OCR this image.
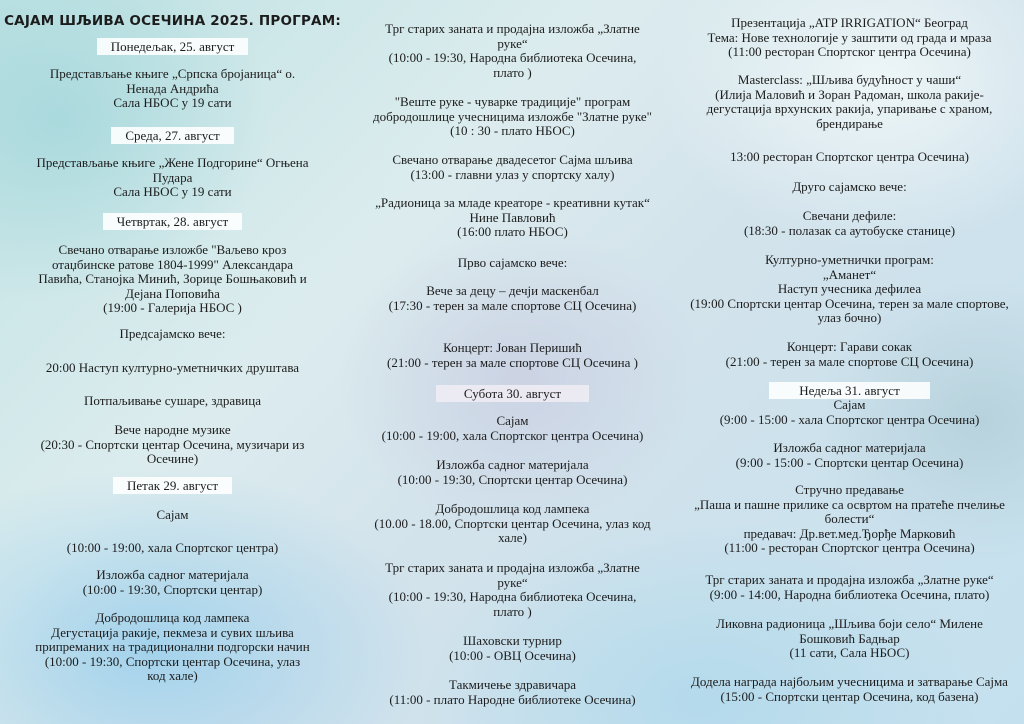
САЈАМ ШЉИВА ОСЕЧИНА 2025. ПРОГРАМ:

Понедељак, 25. август

Представљање књиге „Српска бројаница“ о.

Ненада Андрића

Сала НБОС у 19 сати

Среда, 27. август

Представљање књиге „Жене Подгорине“ Огњена

Пудара

Сала НБОС у 19 сати

Четвртак, 28. август

Свечано отварање изложбе "Ваљево кроз

отаџбинске ратове 1804-1999" Александара

Павића, Станојка Минић, Зорице Бошњаковић и

Дејана Поповића

(19:00 - Галерија НБОС )

Предсајамско вече:

20:00 Наступ културно-уметничких друштава

Потпаљивање сушаре, здравица

Вече народне музике

(20:30 - Спортски центар Осечина, музичари из

Осечине)

Петак 29. август

Сајам

(10:00 - 19:00, хала Спортског центра)

Изложба садног материјала

(10:00 - 19:30, Спортски центар)

Добродошлица код лампека

Дегустација ракије, пекмеза и сувих шљива

припреманих на традиционални подгорски начин

(10:00 - 19:30, Спортски центар Осечина, улаз

код хале)

Трг старих заната и продајна изложба „Златне

руке“

(10:00 - 19:30, Народна библиотека Осечина,

плато )

"Веште руке - чуварке традиције" програм

добродошлице учесницима изложбе "Златне руке"

(10 : 30 - плато НБОС)

Свечано отварање двадесетог Сајма шљива

(13:00 - главни улаз у спортску халу)

„Радионица за младе креаторе - креативни кутак“

Нине Павловић

(16:00 плато НБОС)

Прво сајамско вече:

Вече за децу – дечји маскенбал

(17:30 - терен за мале спортове СЦ Осечина)

Концерт: Јован Перишић

(21:00 - терен за мале спортове СЦ Осечина )

Субота 30. август

Сајам

(10:00 - 19:00, хала Спортског центра Осечина)

Изложба садног материјала

(10:00 - 19:30, Спортски центар Осечина)

Добродошлица код лампека

(10.00 - 18.00, Спортски центар Осечина, улаз код

хале)

Трг старих заната и продајна изложба „Златне

руке“

(10:00 - 19:30, Народна библиотека Осечина,

плато )

Шаховски турнир

(10:00 - ОВЦ Осечина)

Такмичење здравичара

(11:00 - плато Народне библиотеке Осечина)

Презентација „ATP IRRIGATION“ Београд

Тема: Нове технологије у заштити од града и мраза

(11:00 ресторан Спортског центра Осечина)

Masterclass: „Шљива будућност у чаши“

(Илија Маловић и Зоран Радоман, школа ракије-

дегустација врхунских ракија, упаривање с храном,

брендирање

13:00 ресторан Спортског центра Осечина)

Друго сајамско вече:

Свечани дефиле:

(18:30 - полазак са аутобуске станице)

Културно-уметнички програм:

„Аманет“

Наступ учесника дефилеа

(19:00 Спортски центар Осечина, терен за мале спортове,

улаз бочно)

Концерт: Гарави сокак

(21:00 - терен за мале спортове СЦ Осечина)

Недеља 31. август

Сајам

(9:00 - 15:00 - хала Спортског центра Осечина)

Изложба садног материјала

(9:00 - 15:00 - Спортски центар Осечина)

Стручно предавање

„Паша и пашне прилике са освртом на пратеће пчелиње

болести“

предавач: Др.вет.мед.Ђорђе Марковић

(11:00 - ресторан Спортског центра Осечина)

Трг старих заната и продајна изложба „Златне руке“

(9:00 - 14:00, Народна библиотека Осечина, плато)

Ликовна радионица „Шљива боји село“ Милене

Бошковић Бадњар

(11 сати, Сала НБОС)

Додела награда најбољим учесницима и затварање Сајма

(15:00 - Спортски центар Осечина, код базена)
